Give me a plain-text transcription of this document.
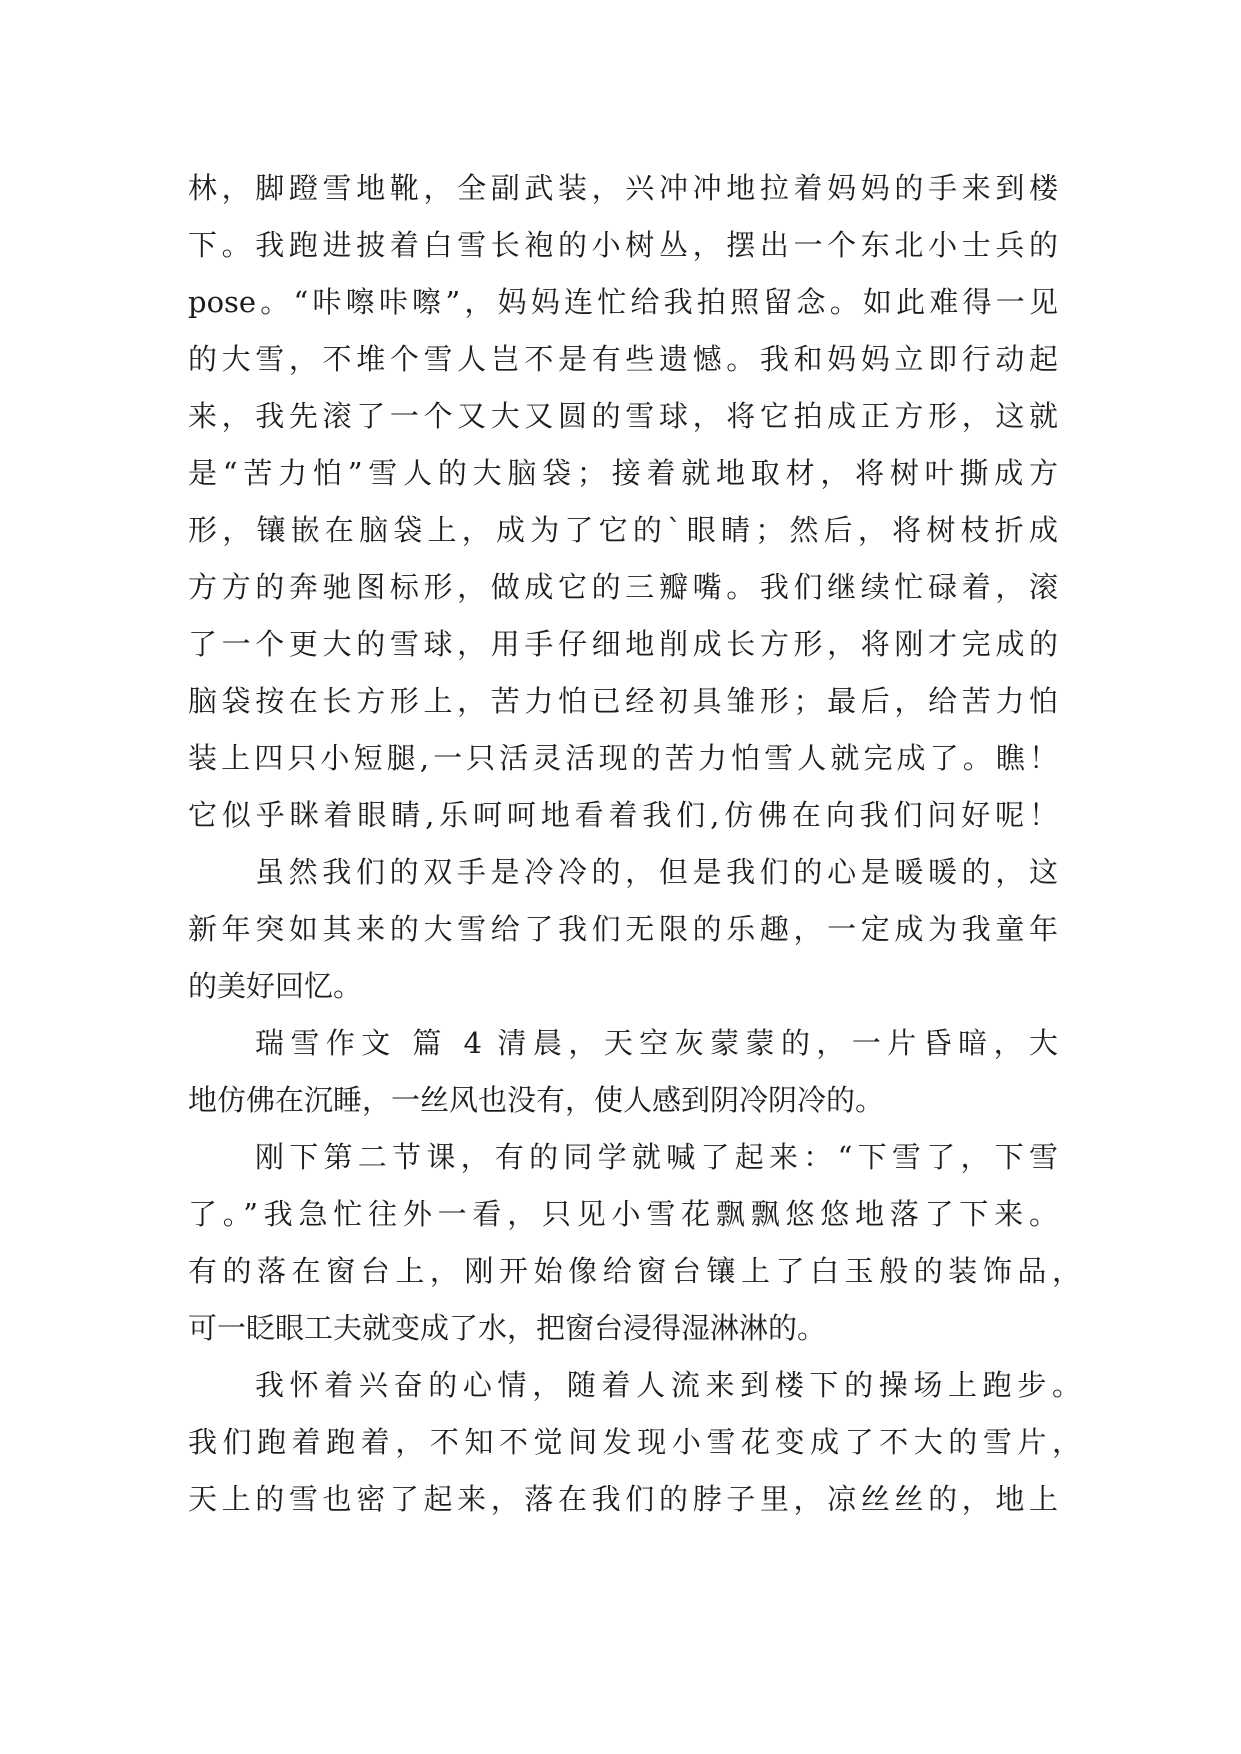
林，脚蹬雪地靴，全副武装，兴冲冲地拉着妈妈的手来到楼
下。我跑进披着白雪长袍的小树丛，摆出一个东北小士兵的
pose。“咔嚓咔嚓”，妈妈连忙给我拍照留念。如此难得一见
的大雪，不堆个雪人岂不是有些遗憾。我和妈妈立即行动起
来，我先滚了一个又大又圆的雪球，将它拍成正方形，这就
是“苦力怕”雪人的大脑袋；接着就地取材，将树叶撕成方
形，镶嵌在脑袋上，成为了它的`眼睛；然后，将树枝折成
方方的奔驰图标形，做成它的三瓣嘴。我们继续忙碌着，滚
了一个更大的雪球，用手仔细地削成长方形，将刚才完成的
脑袋按在长方形上，苦力怕已经初具雏形；最后，给苦力怕
装上四只小短腿,一只活灵活现的苦力怕雪人就完成了。瞧！
它似乎眯着眼睛,乐呵呵地看着我们,仿佛在向我们问好呢！
虽然我们的双手是冷冷的，但是我们的心是暖暖的，这
新年突如其来的大雪给了我们无限的乐趣，一定成为我童年
的美好回忆。
瑞雪作文 篇 4 清晨，天空灰蒙蒙的，一片昏暗，大
地仿佛在沉睡，一丝风也没有，使人感到阴冷阴冷的。
刚下第二节课，有的同学就喊了起来：“下雪了，下雪
了。”我急忙往外一看，只见小雪花飘飘悠悠地落了下来。
有的落在窗台上，刚开始像给窗台镶上了白玉般的装饰品，
可一眨眼工夫就变成了水，把窗台浸得湿淋淋的。
我怀着兴奋的心情，随着人流来到楼下的操场上跑步。
我们跑着跑着，不知不觉间发现小雪花变成了不大的雪片，
天上的雪也密了起来，落在我们的脖子里，凉丝丝的，地上
